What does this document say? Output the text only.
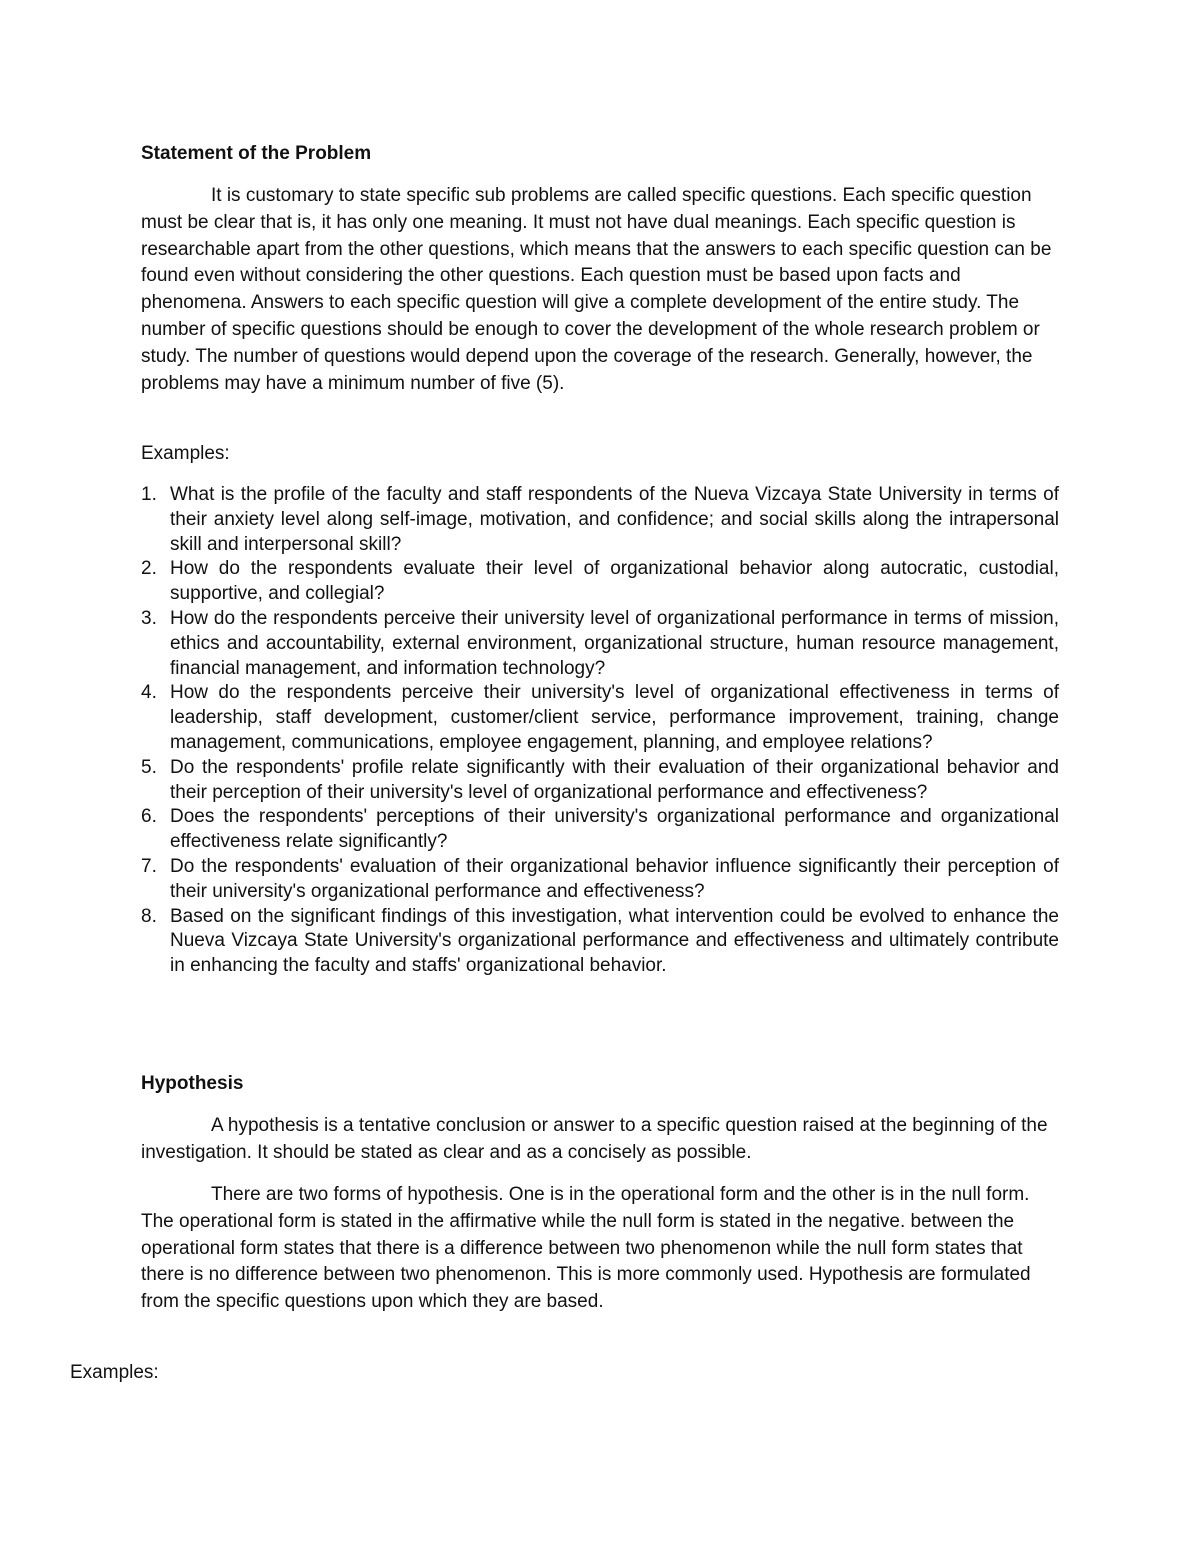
Statement of the Problem

It is customary to state specific sub problems are called specific questions. Each specific question must be clear that is, it has only one meaning. It must not have dual meanings. Each specific question is researchable apart from the other questions, which means that the answers to each specific question can be found even without considering the other questions. Each question must be based upon facts and phenomena. Answers to each specific question will give a complete development of the entire study. The number of specific questions should be enough to cover the development of the whole research problem or study. The number of questions would depend upon the coverage of the research. Generally, however, the problems may have a minimum number of five (5).

Examples:

1. What is the profile of the faculty and staff respondents of the Nueva Vizcaya State University in terms of their anxiety level along self-image, motivation, and confidence; and social skills along the intrapersonal skill and interpersonal skill?
2. How do the respondents evaluate their level of organizational behavior along autocratic, custodial, supportive, and collegial?
3. How do the respondents perceive their university level of organizational performance in terms of mission, ethics and accountability, external environment, organizational structure, human resource management, financial management, and information technology?
4. How do the respondents perceive their university's level of organizational effectiveness in terms of leadership, staff development, customer/client service, performance improvement, training, change management, communications, employee engagement, planning, and employee relations?
5. Do the respondents' profile relate significantly with their evaluation of their organizational behavior and their perception of their university's level of organizational performance and effectiveness?
6. Does the respondents' perceptions of their university's organizational performance and organizational effectiveness relate significantly?
7. Do the respondents' evaluation of their organizational behavior influence significantly their perception of their university's organizational performance and effectiveness?
8. Based on the significant findings of this investigation, what intervention could be evolved to enhance the Nueva Vizcaya State University's organizational performance and effectiveness and ultimately contribute in enhancing the faculty and staffs' organizational behavior.
Hypothesis

A hypothesis is a tentative conclusion or answer to a specific question raised at the beginning of the investigation. It should be stated as clear and as a concisely as possible.

There are two forms of hypothesis. One is in the operational form and the other is in the null form. The operational form is stated in the affirmative while the null form is stated in the negative. between the operational form states that there is a difference between two phenomenon while the null form states that there is no difference between two phenomenon. This is more commonly used. Hypothesis are formulated from the specific questions upon which they are based.

Examples:
